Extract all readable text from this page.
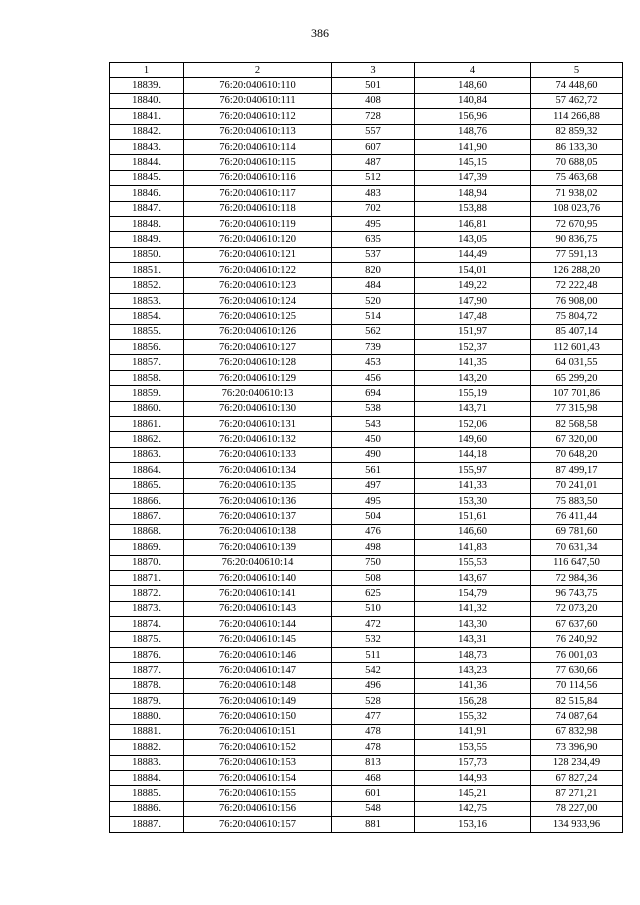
386
1	2	3	4	5
18839.	76:20:040610:110	501	148,60	74 448,60
18840.	76:20:040610:111	408	140,84	57 462,72
18841.	76:20:040610:112	728	156,96	114 266,88
18842.	76:20:040610:113	557	148,76	82 859,32
18843.	76:20:040610:114	607	141,90	86 133,30
18844.	76:20:040610:115	487	145,15	70 688,05
18845.	76:20:040610:116	512	147,39	75 463,68
18846.	76:20:040610:117	483	148,94	71 938,02
18847.	76:20:040610:118	702	153,88	108 023,76
18848.	76:20:040610:119	495	146,81	72 670,95
18849.	76:20:040610:120	635	143,05	90 836,75
18850.	76:20:040610:121	537	144,49	77 591,13
18851.	76:20:040610:122	820	154,01	126 288,20
18852.	76:20:040610:123	484	149,22	72 222,48
18853.	76:20:040610:124	520	147,90	76 908,00
18854.	76:20:040610:125	514	147,48	75 804,72
18855.	76:20:040610:126	562	151,97	85 407,14
18856.	76:20:040610:127	739	152,37	112 601,43
18857.	76:20:040610:128	453	141,35	64 031,55
18858.	76:20:040610:129	456	143,20	65 299,20
18859.	76:20:040610:13	694	155,19	107 701,86
18860.	76:20:040610:130	538	143,71	77 315,98
18861.	76:20:040610:131	543	152,06	82 568,58
18862.	76:20:040610:132	450	149,60	67 320,00
18863.	76:20:040610:133	490	144,18	70 648,20
18864.	76:20:040610:134	561	155,97	87 499,17
18865.	76:20:040610:135	497	141,33	70 241,01
18866.	76:20:040610:136	495	153,30	75 883,50
18867.	76:20:040610:137	504	151,61	76 411,44
18868.	76:20:040610:138	476	146,60	69 781,60
18869.	76:20:040610:139	498	141,83	70 631,34
18870.	76:20:040610:14	750	155,53	116 647,50
18871.	76:20:040610:140	508	143,67	72 984,36
18872.	76:20:040610:141	625	154,79	96 743,75
18873.	76:20:040610:143	510	141,32	72 073,20
18874.	76:20:040610:144	472	143,30	67 637,60
18875.	76:20:040610:145	532	143,31	76 240,92
18876.	76:20:040610:146	511	148,73	76 001,03
18877.	76:20:040610:147	542	143,23	77 630,66
18878.	76:20:040610:148	496	141,36	70 114,56
18879.	76:20:040610:149	528	156,28	82 515,84
18880.	76:20:040610:150	477	155,32	74 087,64
18881.	76:20:040610:151	478	141,91	67 832,98
18882.	76:20:040610:152	478	153,55	73 396,90
18883.	76:20:040610:153	813	157,73	128 234,49
18884.	76:20:040610:154	468	144,93	67 827,24
18885.	76:20:040610:155	601	145,21	87 271,21
18886.	76:20:040610:156	548	142,75	78 227,00
18887.	76:20:040610:157	881	153,16	134 933,96
